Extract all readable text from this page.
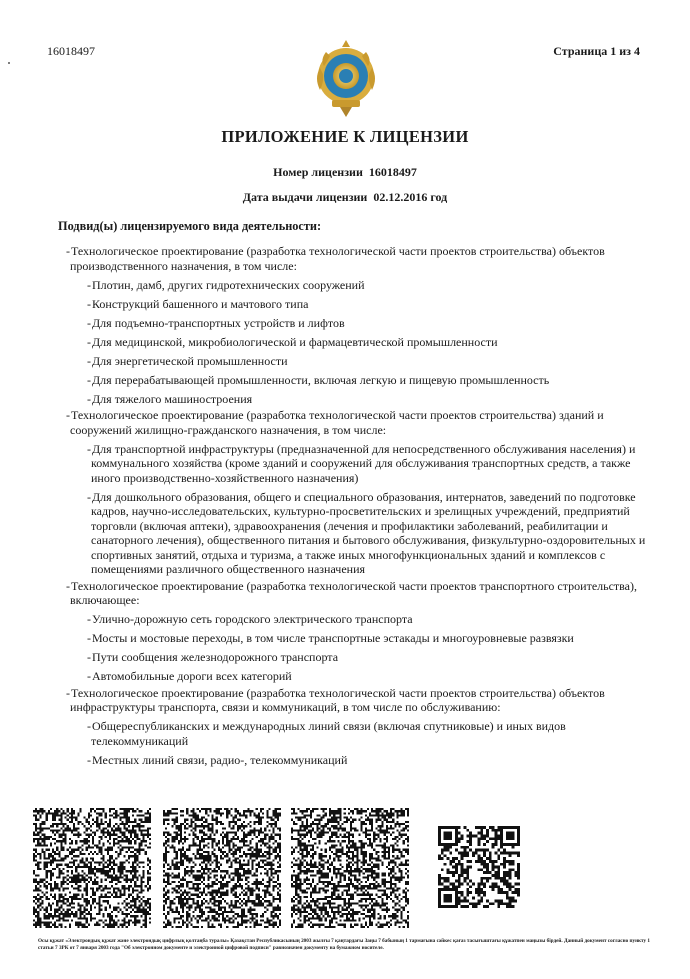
16018497	Страница 1 из 4
ПРИЛОЖЕНИЕ К ЛИЦЕНЗИИ
Номер лицензии 16018497
Дата выдачи лицензии 02.12.2016 год
Подвид(ы) лицензируемого вида деятельности:
- Технологическое проектирование (разработка технологической части проектов строительства) объектов производственного назначения, в том числе:
- Плотин, дамб, других гидротехнических сооружений
- Конструкций башенного и мачтового типа
- Для подъемно-транспортных устройств и лифтов
- Для медицинской, микробиологической и фармацевтической промышленности
- Для энергетической промышленности
- Для перерабатывающей промышленности, включая легкую и пищевую промышленность
- Для тяжелого машиностроения
- Технологическое проектирование (разработка технологической части проектов строительства) зданий и сооружений жилищно-гражданского назначения, в том числе:
- Для транспортной инфраструктуры (предназначенной для непосредственного обслуживания населения) и коммунального хозяйства (кроме зданий и сооружений для обслуживания транспортных средств, а также иного производственно-хозяйственного назначения)
- Для дошкольного образования, общего и специального образования, интернатов, заведений по подготовке кадров, научно-исследовательских, культурно-просветительских и зрелищных учреждений, предприятий торговли (включая аптеки), здравоохранения (лечения и профилактики заболеваний, реабилитации и санаторного лечения), общественного питания и бытового обслуживания, физкультурно-оздоровительных и спортивных занятий, отдыха и туризма, а также иных многофункциональных зданий и комплексов с помещениями различного общественного назначения
- Технологическое проектирование (разработка технологической части проектов транспортного строительства), включающее:
- Улично-дорожную сеть городского электрического транспорта
- Мосты и мостовые переходы, в том числе транспортные эстакады и многоуровневые развязки
- Пути сообщения железнодорожного транспорта
- Автомобильные дороги всех категорий
- Технологическое проектирование (разработка технологической части проектов строительства) объектов инфраструктуры транспорта, связи и коммуникаций, в том числе по обслуживанию:
- Общереспубликанских и международных линий связи (включая спутниковые) и иных видов телекоммуникаций
- Местных линий связи, радио-, телекоммуникаций
Осы құжат «Электрондық құжат және электрондық цифрлық қолтаңба туралы» Қазақстан Республикасының 2003 жылғы 7 қаңтардағы Заңы 7 бабының 1 тармағына сәйкес қағаз тасығыштағы құжатпен маңызы бірдей. Данный документ согласно пункту 1 статьи 7 ЗРК от 7 января 2003 года "Об электронном документе и электронной цифровой подписи" равнозначен документу на бумажном носителе.
